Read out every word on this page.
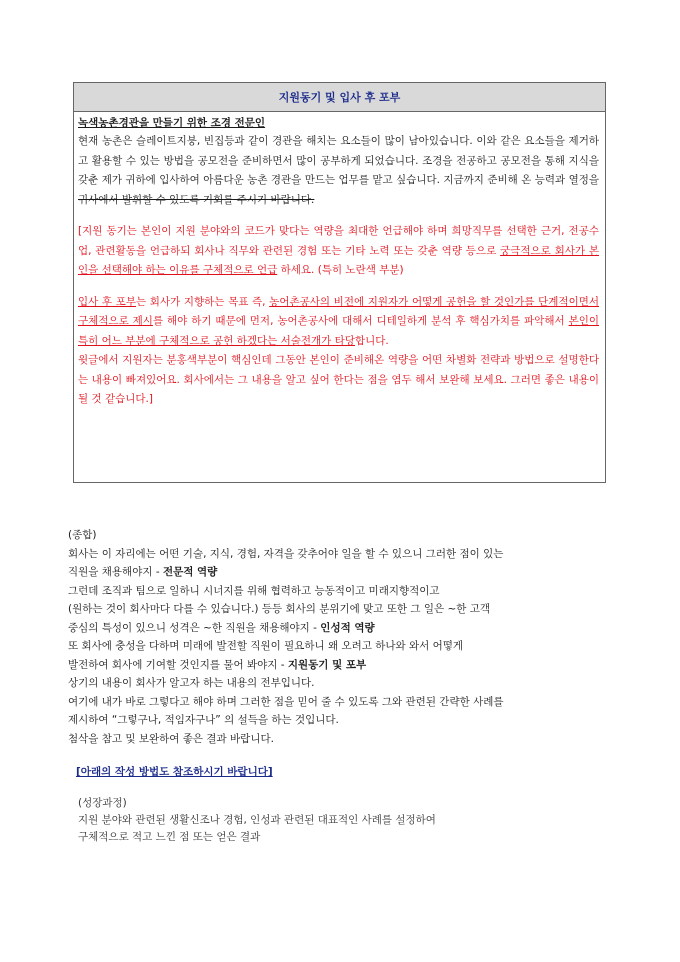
지원동기 및 입사 후 포부
녹색농촌경관을 만들기 위한 조경 전문인
현재 농촌은 슬레이트지붕, 빈집등과 같이 경관을 해치는 요소들이 많이 남아있습니다. 이와 같은 요소들을 제거하고 활용할 수 있는 방법을 공모전을 준비하면서 많이 공부하게 되었습니다. 조경을 전공하고 공모전을 통해 지식을 갖춘 제가 귀하에 입사하여 아름다운 농촌 경관을 만드는 업무를 맡고 싶습니다. 지금까지 준비해 온 능력과 열정을 귀사에서 발휘할 수 있도록 기회를 주시기 바랍니다.
[지원 동기는 본인이 지원 분야와의 코드가 맞다는 역량을 최대한 언급해야 하며 희망직무를 선택한 근거, 전공수업, 관련활동을 언급하되 회사나 직무와 관련된 경험 또는 기타 노력 또는 갖춘 역량 등으로 궁극적으로 회사가 본인을 선택해야 하는 이유를 구체적으로 언급 하세요. (특히 노란색 부분)
입사 후 포부는 회사가 지향하는 목표 즉, 농어촌공사의 비전에 지원자가 어떻게 공헌을 할 것인가를 단계적이면서 구체적으로 제시를 해야 하기 때문에 먼저, 농어촌공사에 대해서 디테일하게 분석 후 핵심가치를 파악해서 본인이 특히 어느 부분에 구체적으로 공헌 하겠다는 서술전개가 타당합니다.
윗글에서 지원자는 분홍색부분이 핵심인데 그동안 본인이 준비해온 역량을 어떤 차별화 전략과 방법으로 설명한다는 내용이 빠져있어요. 회사에서는 그 내용을 알고 싶어 한다는 점을 염두 해서 보완해 보세요. 그러면 좋은 내용이 될 것 같습니다.]
(종합)
회사는 이 자리에는 어떤 기술, 지식, 경험, 자격을 갖추어야 일을 할 수 있으니 그러한 점이 있는
직원을 채용해야지 - 전문적 역량
그런데 조직과 팀으로 일하니 시너지를 위해 협력하고 능동적이고 미래지향적이고
(원하는 것이 회사마다 다를 수 있습니다.) 등등 회사의 분위기에 맞고 또한 그 일은 ~한 고객
중심의 특성이 있으니 성격은 ~한 직원을 채용해야지 - 인성적 역량
또 회사에 충성을 다하며 미래에 발전할 직원이 필요하니 왜 오려고 하나와 와서 어떻게
발전하여 회사에 기여할 것인지를 물어 봐야지 - 지원동기 및 포부
상기의 내용이 회사가 알고자 하는 내용의 전부입니다.
여기에 내가 바로 그렇다고 해야 하며 그러한 점을 믿어 줄 수 있도록 그와 관련된 간략한 사례를
제시하여 “그렇구나, 적임자구나” 의 설득을 하는 것입니다.
첨삭을 참고 및 보완하여 좋은 결과 바랍니다.
[아래의 작성 방법도 참조하시기 바랍니다]
(성장과정)
지원 분야와 관련된 생활신조나 경험, 인성과 관련된 대표적인 사례를 설정하여
구체적으로 적고 느낀 점 또는 얻은 결과
